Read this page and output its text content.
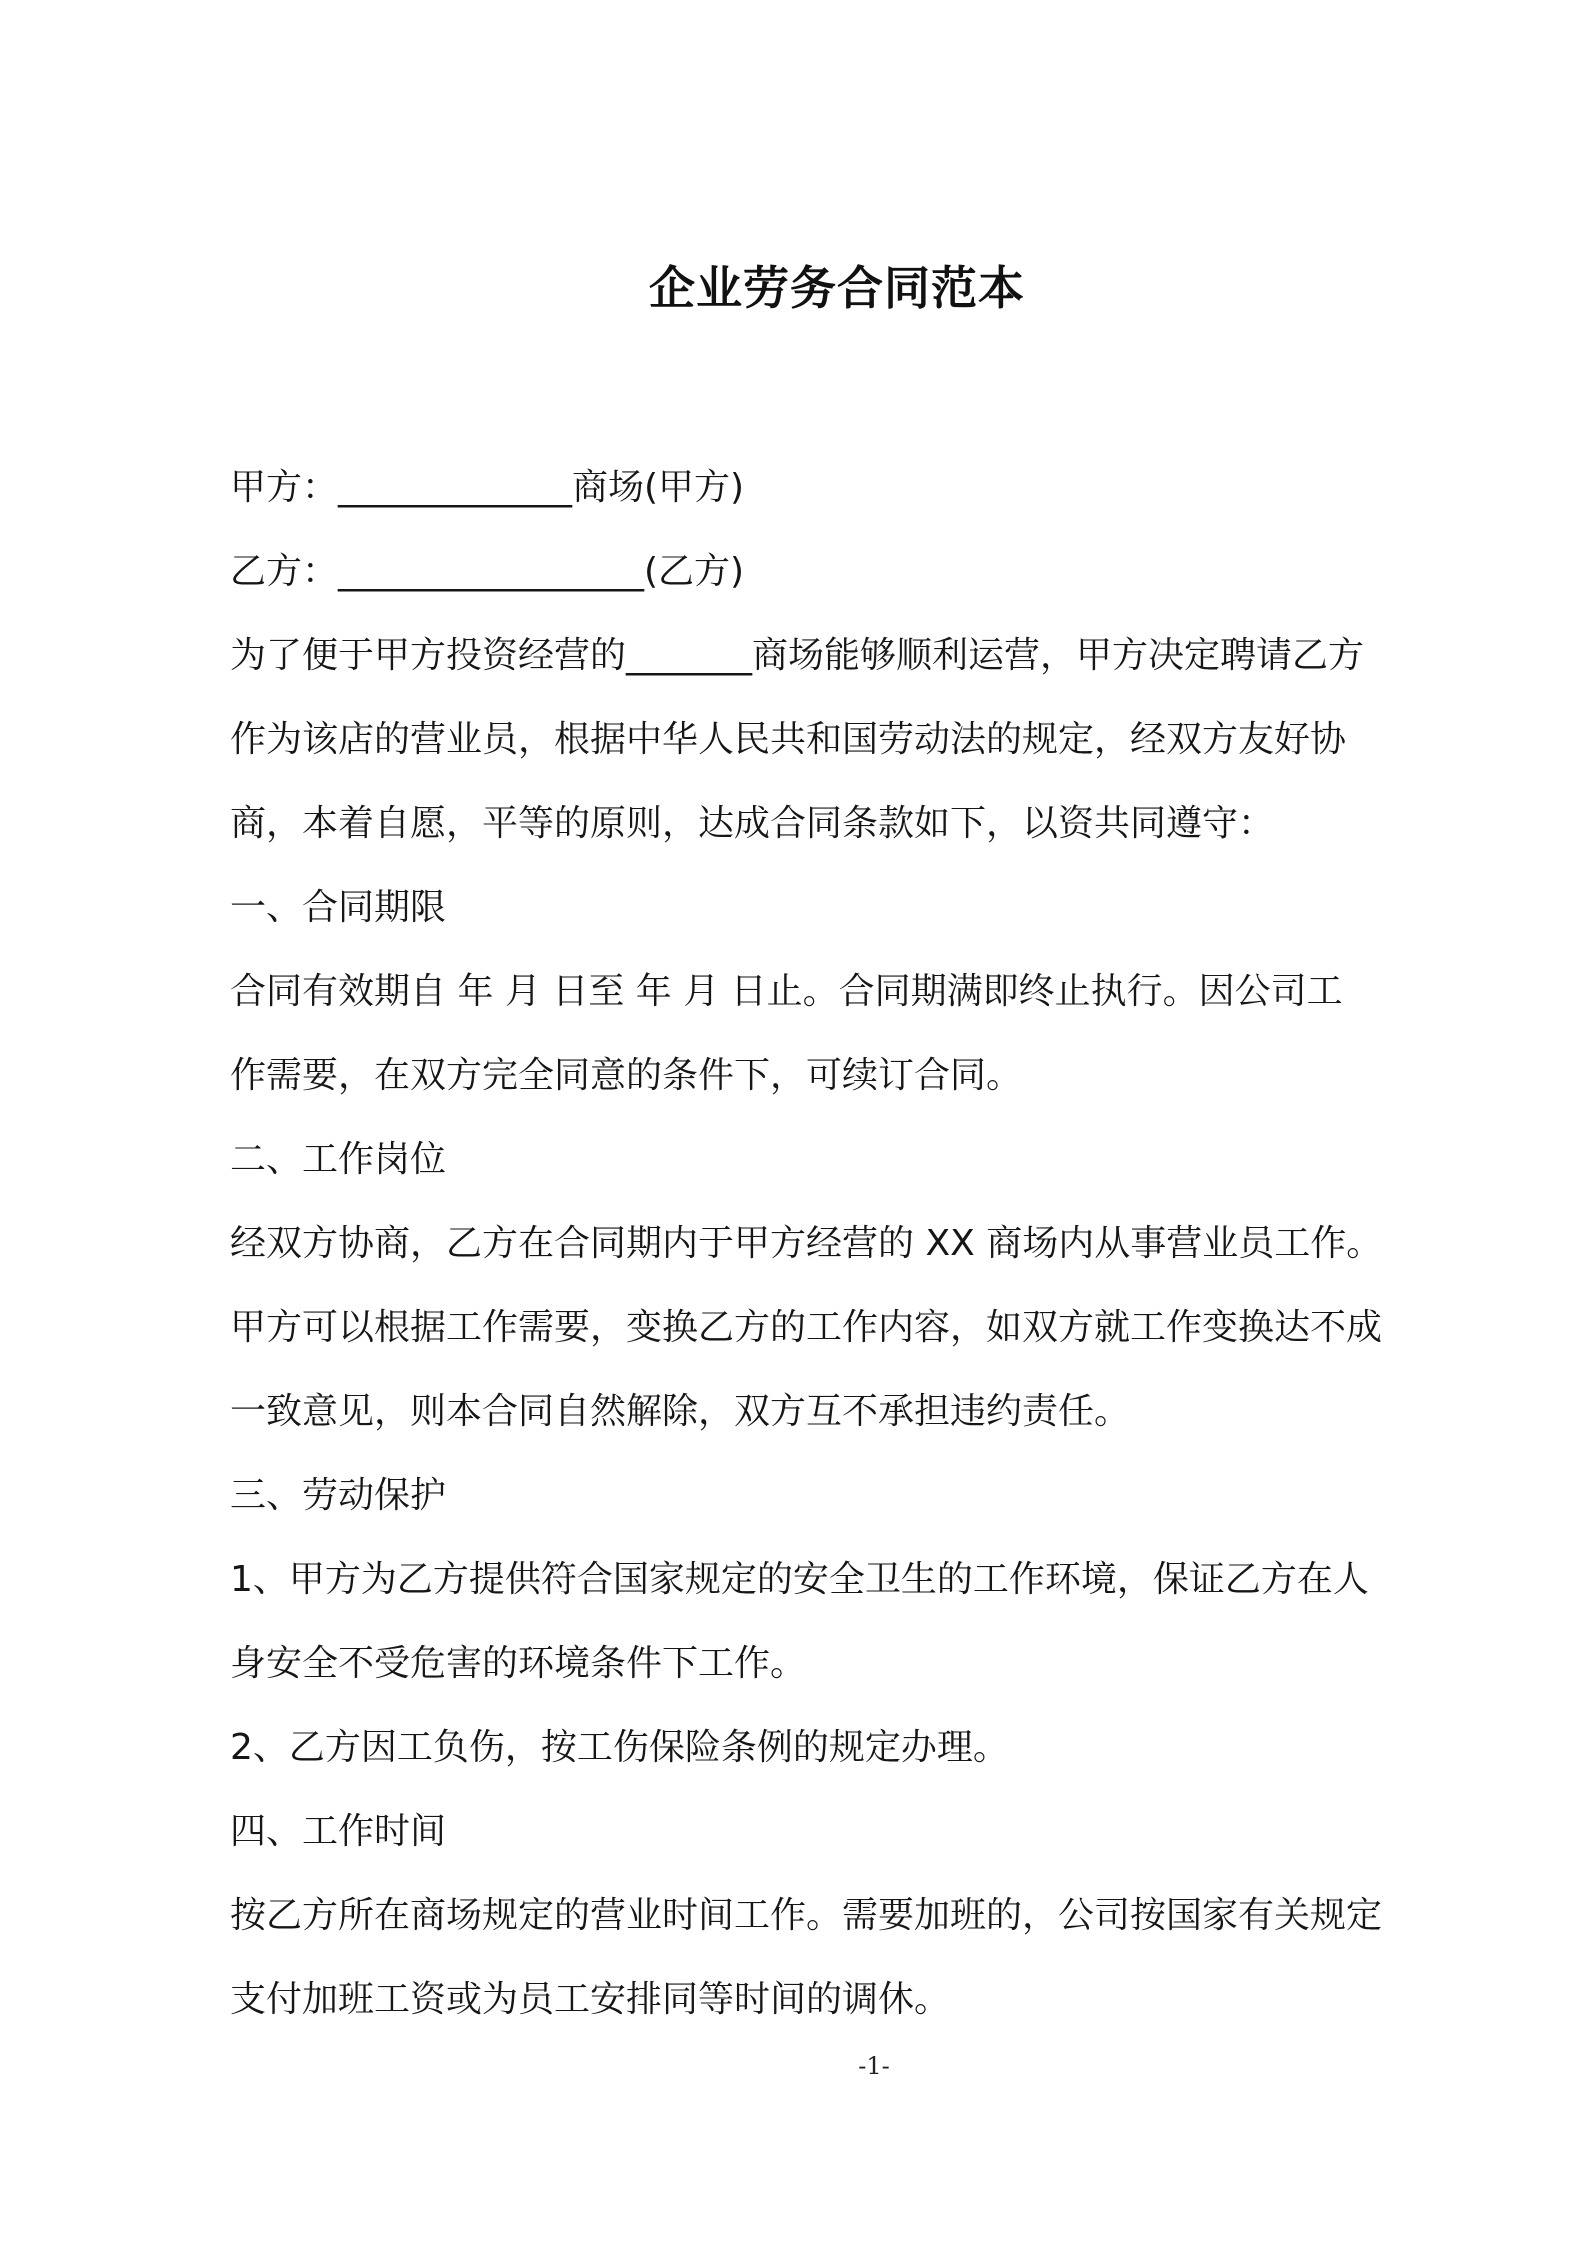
企业劳务合同范本
甲方：_____________商场(甲方)
乙方：_________________(乙方)
为了便于甲方投资经营的_______商场能够顺利运营，甲方决定聘请乙方
作为该店的营业员，根据中华人民共和国劳动法的规定，经双方友好协
商，本着自愿，平等的原则，达成合同条款如下，以资共同遵守：
一、合同期限
合同有效期自 年 月 日至 年 月 日止。合同期满即终止执行。因公司工
作需要，在双方完全同意的条件下，可续订合同。
二、工作岗位
经双方协商，乙方在合同期内于甲方经营的 XX 商场内从事营业员工作。
甲方可以根据工作需要，变换乙方的工作内容，如双方就工作变换达不成
一致意见，则本合同自然解除，双方互不承担违约责任。
三、劳动保护
1、甲方为乙方提供符合国家规定的安全卫生的工作环境，保证乙方在人
身安全不受危害的环境条件下工作。
2、乙方因工负伤，按工伤保险条例的规定办理。
四、工作时间
按乙方所在商场规定的营业时间工作。需要加班的，公司按国家有关规定
支付加班工资或为员工安排同等时间的调休。
-1-
